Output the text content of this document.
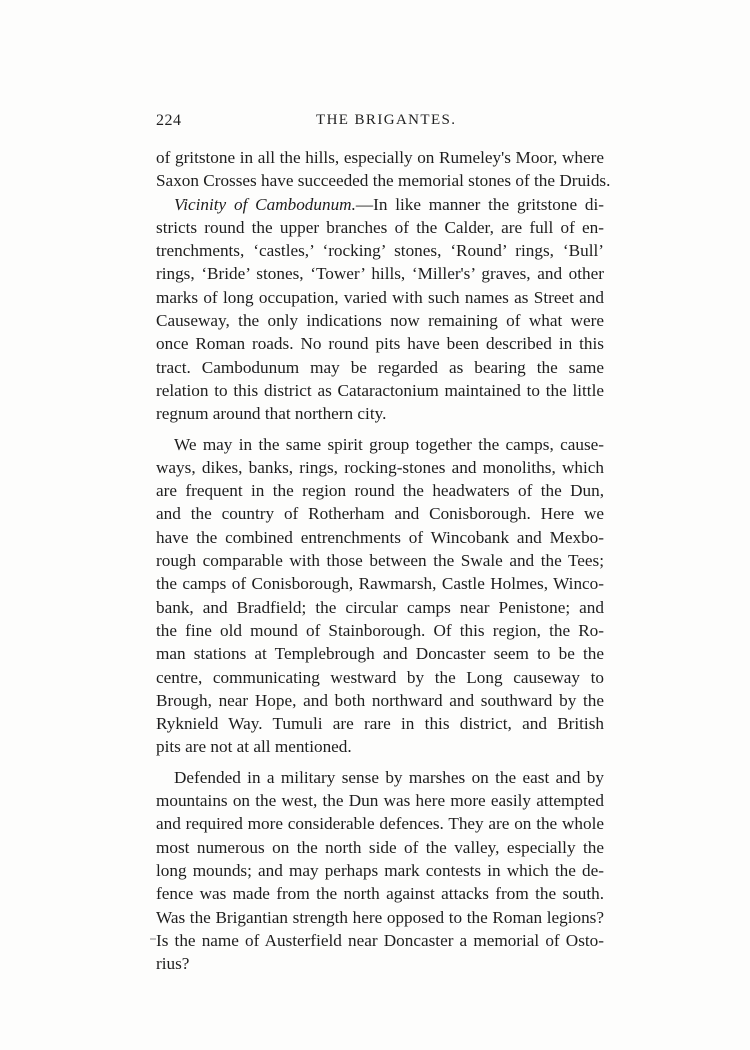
224	THE BRIGANTES.
of gritstone in all the hills, especially on Rumeley's Moor, where
Saxon Crosses have succeeded the memorial stones of the Druids.
Vicinity of Cambodunum.—In like manner the gritstone di-
stricts round the upper branches of the Calder, are full of en-
trenchments, ‘castles,’ ‘rocking’ stones, ‘Round’ rings, ‘Bull’
rings, ‘Bride’ stones, ‘Tower’ hills, ‘Miller's’ graves, and other
marks of long occupation, varied with such names as Street and
Causeway, the only indications now remaining of what were
once Roman roads. No round pits have been described in this
tract. Cambodunum may be regarded as bearing the same
relation to this district as Cataractonium maintained to the little
regnum around that northern city.
We may in the same spirit group together the camps, cause-
ways, dikes, banks, rings, rocking-stones and monoliths, which
are frequent in the region round the headwaters of the Dun,
and the country of Rotherham and Conisborough. Here we
have the combined entrenchments of Wincobank and Mexbo-
rough comparable with those between the Swale and the Tees;
the camps of Conisborough, Rawmarsh, Castle Holmes, Winco-
bank, and Bradfield; the circular camps near Penistone; and
the fine old mound of Stainborough. Of this region, the Ro-
man stations at Templebrough and Doncaster seem to be the
centre, communicating westward by the Long causeway to
Brough, near Hope, and both northward and southward by the
Ryknield Way. Tumuli are rare in this district, and British
pits are not at all mentioned.
Defended in a military sense by marshes on the east and by
mountains on the west, the Dun was here more easily attempted
and required more considerable defences. They are on the whole
most numerous on the north side of the valley, especially the
long mounds; and may perhaps mark contests in which the de-
fence was made from the north against attacks from the south.
Was the Brigantian strength here opposed to the Roman legions?
Is the name of Austerfield near Doncaster a memorial of Osto-
rius?
